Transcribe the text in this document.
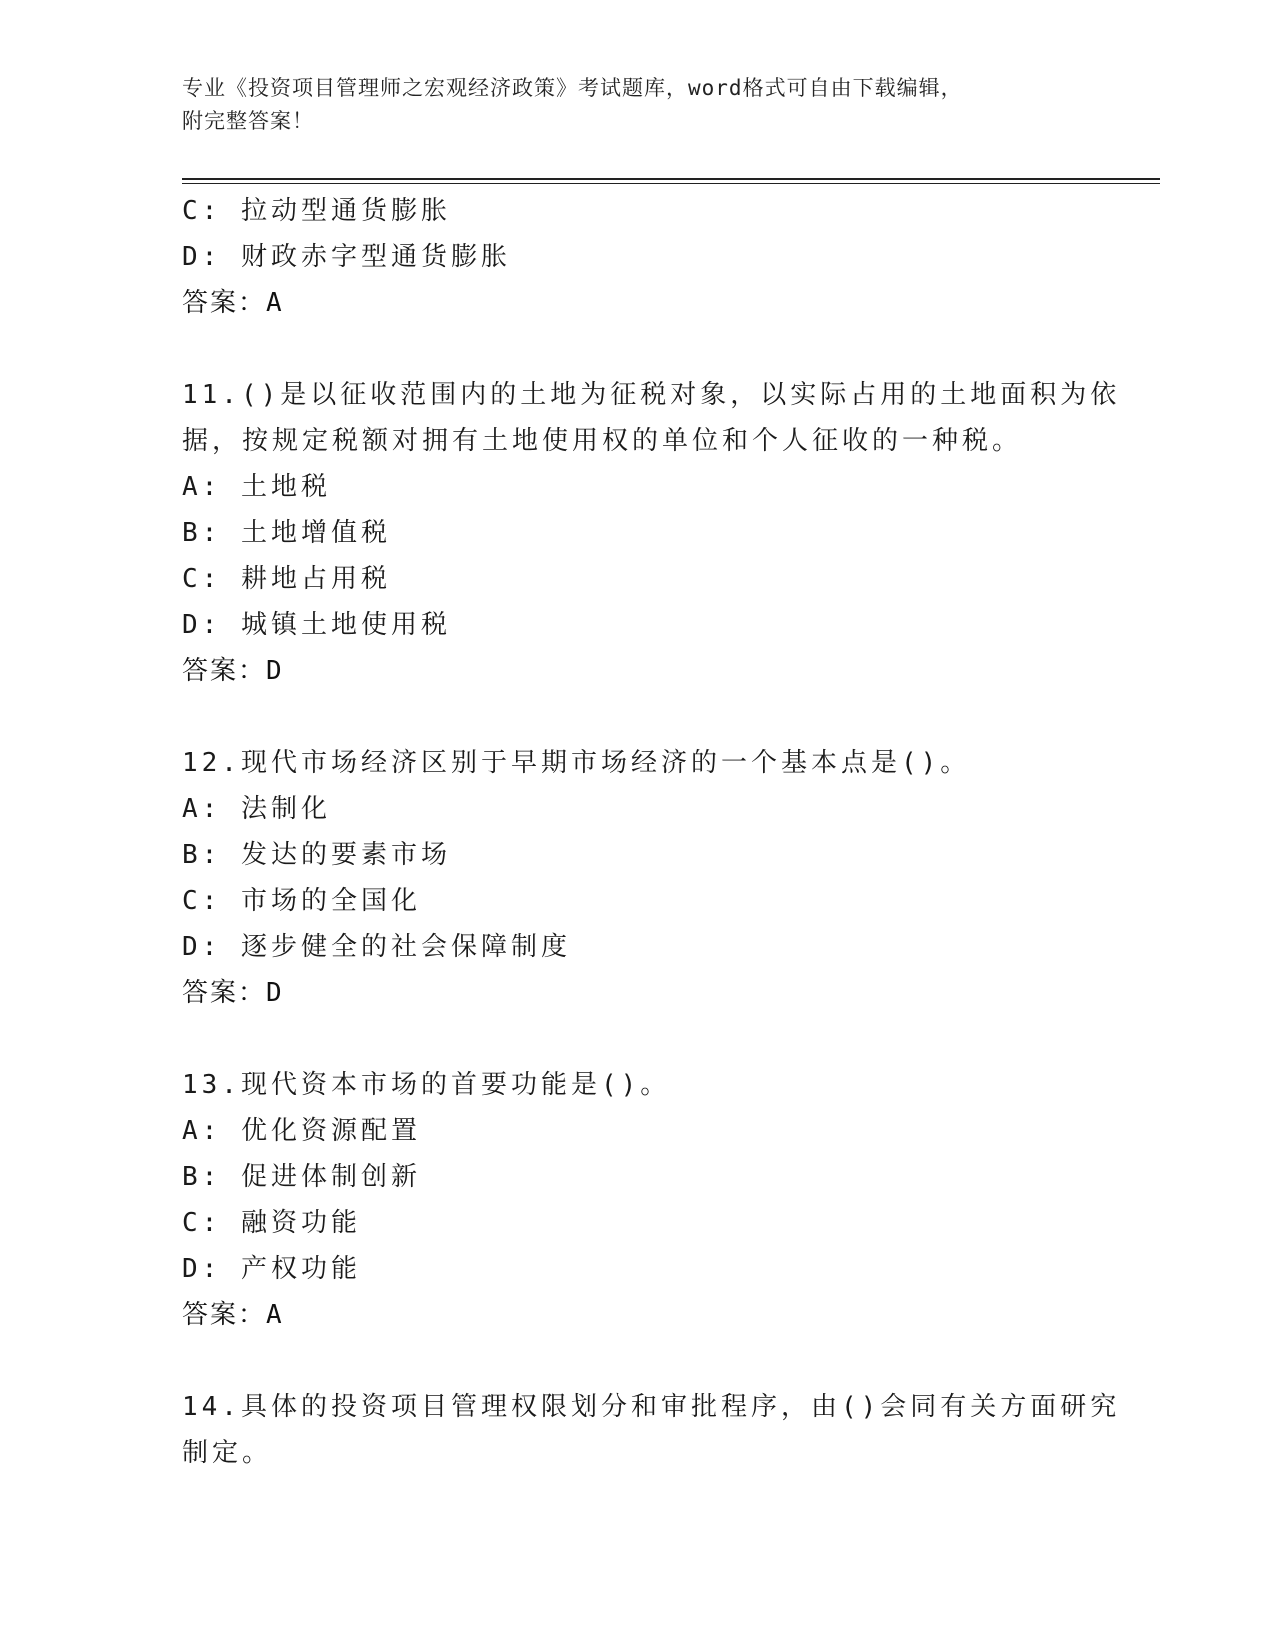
专业《投资项目管理师之宏观经济政策》考试题库，word格式可自由下载编辑，
附完整答案！
C: 拉动型通货膨胀
D: 财政赤字型通货膨胀
答案：A
11.()是以征收范围内的土地为征税对象，以实际占用的土地面积为依
据，按规定税额对拥有土地使用权的单位和个人征收的一种税。
A: 土地税
B: 土地增值税
C: 耕地占用税
D: 城镇土地使用税
答案：D
12.现代市场经济区别于早期市场经济的一个基本点是()。
A: 法制化
B: 发达的要素市场
C: 市场的全国化
D: 逐步健全的社会保障制度
答案：D
13.现代资本市场的首要功能是()。
A: 优化资源配置
B: 促进体制创新
C: 融资功能
D: 产权功能
答案：A
14.具体的投资项目管理权限划分和审批程序，由()会同有关方面研究
制定。
